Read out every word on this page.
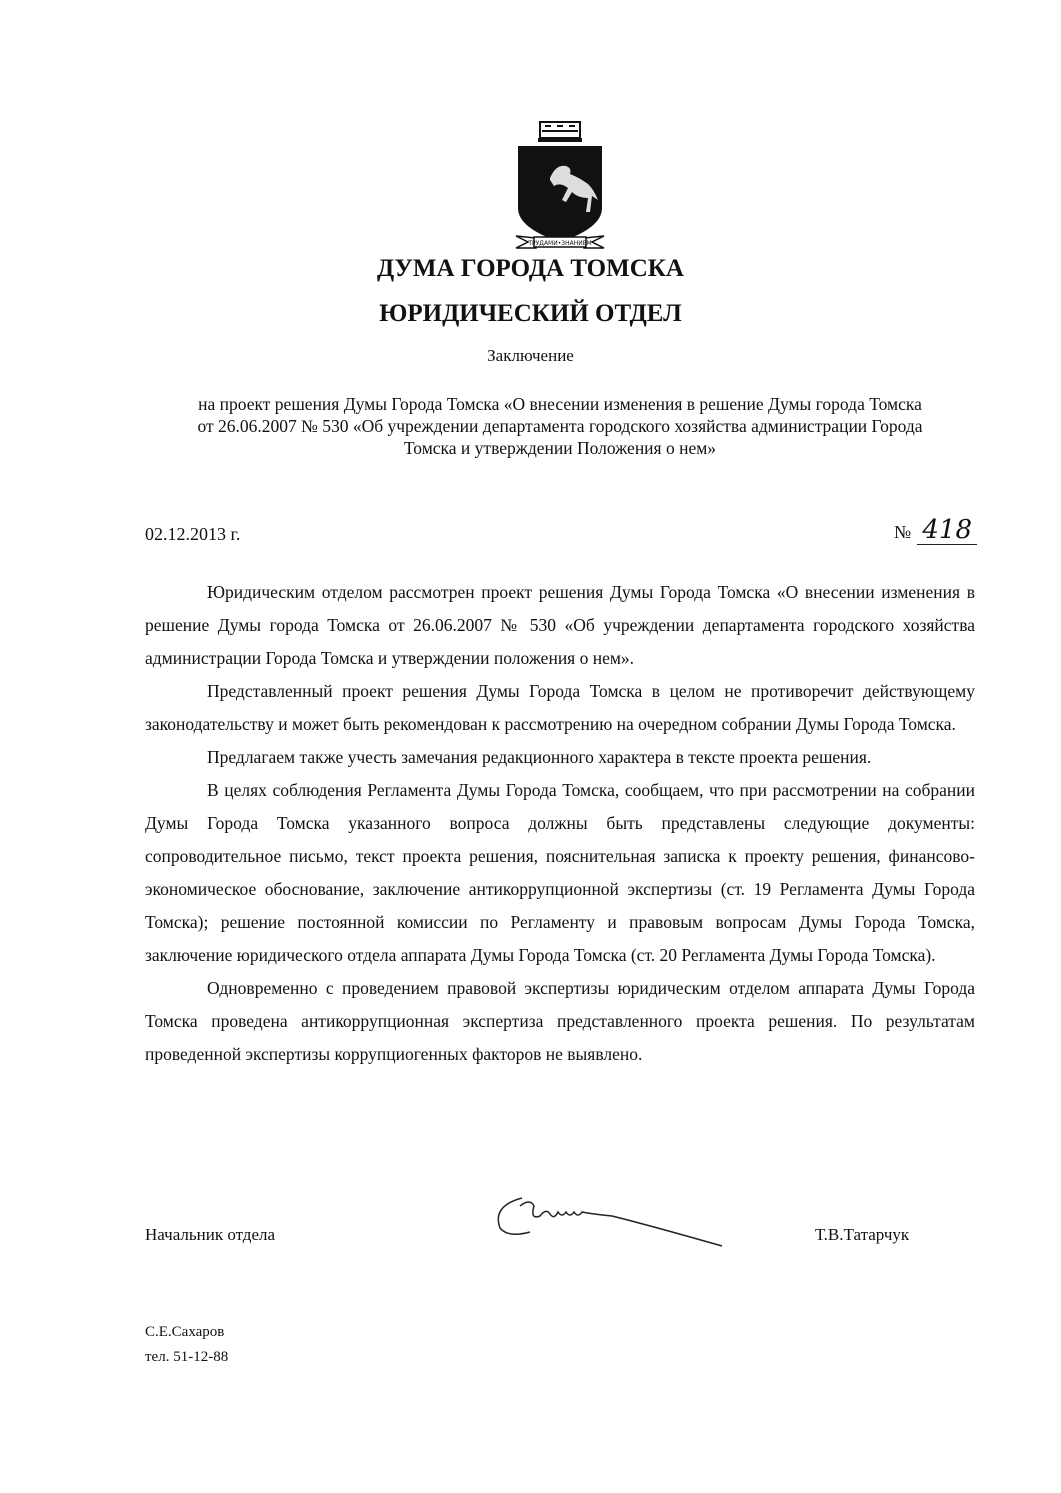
ТРУДАМИ•ЗНАНИЕМ
ДУМА ГОРОДА ТОМСКА
ЮРИДИЧЕСКИЙ ОТДЕЛ
Заключение
на проект решения Думы Города Томска «О внесении изменения в решение Думы города Томска
от 26.06.2007 № 530 «Об учреждении департамента городского хозяйства администрации Города
Томска и утверждении Положения о нем»
02.12.2013 г.	№ 418

Юридическим отделом рассмотрен проект решения Думы Города Томска «О внесении изменения в решение Думы города Томска от 26.06.2007 № 530 «Об учреждении департамента городского хозяйства администрации Города Томска и утверждении положения о нем».

Представленный проект решения Думы Города Томска в целом не противоречит действующему законодательству и может быть рекомендован к рассмотрению на очередном собрании Думы Города Томска.

Предлагаем также учесть замечания редакционного характера в тексте проекта решения.

В целях соблюдения Регламента Думы Города Томска, сообщаем, что при рассмотрении на собрании Думы Города Томска указанного вопроса должны быть представлены следующие документы: сопроводительное письмо, текст проекта решения, пояснительная записка к проекту решения, финансово-экономическое обоснование, заключение антикоррупционной экспертизы (ст. 19 Регламента Думы Города Томска); решение постоянной комиссии по Регламенту и правовым вопросам Думы Города Томска, заключение юридического отдела аппарата Думы Города Томска (ст. 20 Регламента Думы Города Томска).

Одновременно с проведением правовой экспертизы юридическим отделом аппарата Думы Города Томска проведена антикоррупционная экспертиза представленного проекта решения. По результатам проведенной экспертизы коррупциогенных факторов не выявлено.

Начальник отдела	Т.В.Татарчук
С.Е.Сахаров
тел. 51-12-88
